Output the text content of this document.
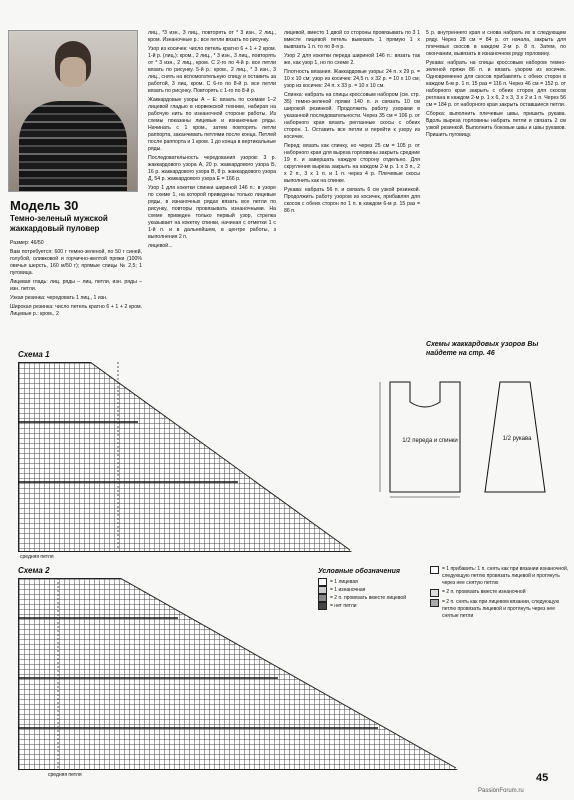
Модель 30
Темно-зеленый мужской жаккардовый пуловер

Размер: 46/50

Вам потребуется: 600 г темно-зеленой, по 50 г синей, голубой, оливковой и горчично-желтой пряжи (100% овечья шерсть, 160 м/50 г); прямые спицы № 2,5; 1 пуговица.

Лицевая гладь: лиц. ряды – лиц. петли, изн. ряды – изн. петли.

Узкая резинка: чередовать 1 лиц., 1 изн.

Широкая резинка: число петель кратно 6 + 1 + 2 кром. Лицевые р.: кром., 2

лиц., *3 изн., 3 лиц., повторять от * 3 изн., 2 лиц., кром. Изнаночные р.: все петли вязать по рисунку.

Узор из косичек: число петель кратно 6 + 1 + 2 кром. 1-й р. (лиц.): кром., 2 лиц., * 3 изн., 3 лиц., повторять от * 3 изн., 2 лиц., кром. С 2-го по 4-й р. все петли вязать по рисунку. 5-й р.: кром., 2 лиц., * 3 изн., 3 лиц., снять на вспомогательную спицу и оставить за работой, 3 лиц. кром. С 6-го по 8-й р. все петли вязать по рисунку. Повторять с 1-го по 8-й р.

Жаккардовые узоры А – Е: вязать по схемам 1–2 лицевой гладью в норвежской технике, набирая на рабочую нить по изнаночной стороне работы. Из схемы показаны лицевые и изнаночные ряды. Начинать с 1 кром., затем повторять петли раппорта, заканчивать петлями после конца. Петлей после раппорта и 1 кром. 1 до конца в вертикальные ряды.

Последовательность чередования узоров: 3 р. жаккардового узора А, 20 р. жаккардового узора Б, 16 р. жаккардового узора В, 8 р. жаккардового узора Д, 54 р. жаккардового узора Е = 166 р.

Узор 1 для кокетки спинки шириной 146 п.: в узоре по схеме 1, на которой приведены только лицевые ряды, в изнаночных рядах вязать все петли по рисунку, повторы провязывать изнаночными. На схеме приведен только первый узор, стрелка указывает на кокетку спинки, начиная с отметки 1 с 1-й п. и в дальнейшем, в центре работы, з выполнения 2 п.

лицевой...

лицевой, вместо 1 двой со стороны провязывать по 3 1 вместе лицевой петель вывязать 1 прямую 1 х вывязать 1 п. то по 8-я р.

Узор 2 для кокетки переда шириной 146 п.: вязать так же, как узор 1, но по схеме 2.

Плотность вязания. Жаккардовые узоры: 24 п. х 29 р. = 10 х 10 см; узор из косичек: 24,5 п. х 32 р. = 10 х 10 см; узор из косичек: 24 п. х 33 р. = 10 х 10 см.

Спинка: набрать на спицы кроссовым набором (см. стр. 35) темно-зеленой пряжи 140 п. и связать 10 см широкой резинкой. Продолжить работу узорами в указанной последовательности. Через 35 см = 106 р. от наборного края вязать регланные скосы с обеих сторон. 1. Оставить все петли и перейти к узору из косичек.

Перед: вязать как спинку, но через 25 см = 105 р. от наборного края для выреза горловины закрыть средние 19 п. и завершать каждую сторону отдельно. Для скругления выреза закрыть на каждом 2-м р. 1 х 3 п., 2 х 2 п., 3 х 1 п. и 1 п. через 4 р. Плечевые скосы выполнить как на спинке.

Рукава: набрать 56 п. и связать 6 см узкой резинкой. Продолжить работу узором из косичек, прибавляя для скосов с обеих сторон по 1 п. в каждом 6-м р. 15 раз = 86 п.

5 р. внутреннего края и снова набрать их в следующем ряду. Через 28 см = 84 р. от начала, закрыть для плечевых скосов в каждом 2-м р. 8 п. Затем, по окончании, вывязать в изнаночном ряду горловину.

Рукава: набрать на спицы кроссовым набором темно-зеленой пряжи 86 п. и вязать узором из косичек. Одновременно для скосов прибавлять с обеих сторон в каждом 6-м р. 1 п. 15 раз = 116 п. Через 46 см = 152 р. от наборного края закрыть с обеих сторон для скосов реглана в каждом 2-м р. 1 х 6, 2 х 3, 3 х 2 и 1 п. Через 56 см = 184 р. от наборного края закрыть оставшиеся петли.

Сборка: выполнить плечевые швы, пришить рукава. Вдоль выреза горловины набрать петли и связать 2 см узкой резинкой. Выполнить боковые швы и швы рукавов. Пришить пуговицу.

Схемы жаккардовых узоров Вы найдете на стр. 46
Схема 1
средняя петля
1/2 переда и спинки	1/2 рукава
Схема 2
средняя петля
Условные обозначения
= 1 лицевая
= 1 изнаночная
= 2 п. провязать вместе лицевой
= нет петли
= 1 прибавить: 1 п. снять как при вязании изнаночной, следующую петлю провязать лицевой и протянуть через нее снятую петлю
= 2 п. провязать вместе изнаночной
= 2 п. снять как при лицевом вязании, следующую петлю провязать лицевой и протянуть через нее снятые петли
45
PassionForum.ru
